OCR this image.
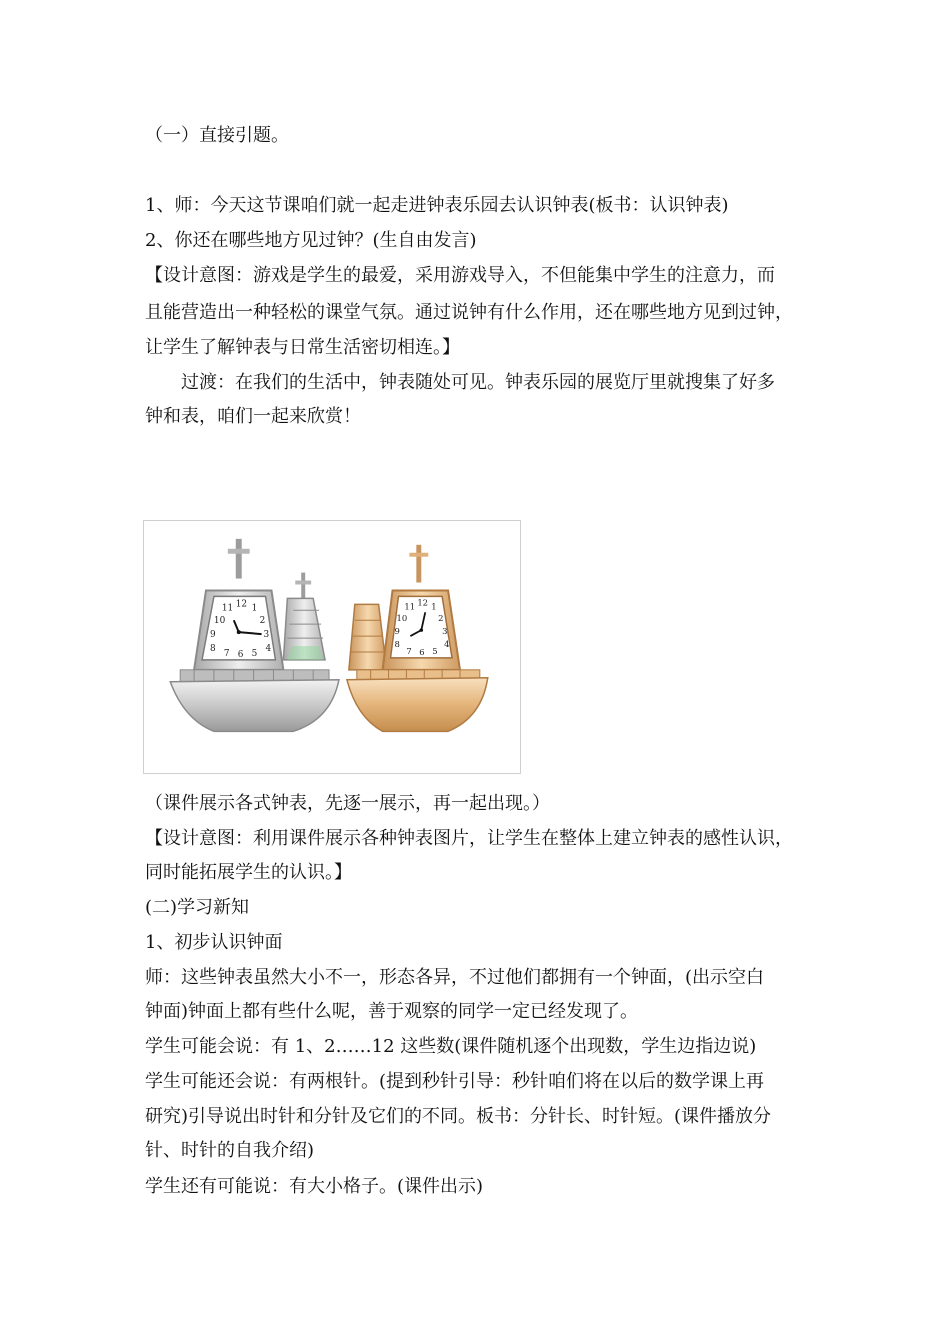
（一）直接引题。
1、师：今天这节课咱们就一起走进钟表乐园去认识钟表(板书：认识钟表)
2、你还在哪些地方见过钟？(生自由发言)
【设计意图：游戏是学生的最爱，采用游戏导入，不但能集中学生的注意力，而
且能营造出一种轻松的课堂气氛。通过说钟有什么作用，还在哪些地方见到过钟，
让学生了解钟表与日常生活密切相连。】
过渡：在我们的生活中，钟表随处可见。钟表乐园的展览厅里就搜集了好多
钟和表，咱们一起来欣赏！
11 12 1
10	2
9	3
8	4
7 6 5
11 12 1
10	2
9	3
8	4
7 6 5
（课件展示各式钟表，先逐一展示，再一起出现。）
【设计意图：利用课件展示各种钟表图片，让学生在整体上建立钟表的感性认识，
同时能拓展学生的认识。】
(二)学习新知
1、初步认识钟面
师：这些钟表虽然大小不一，形态各异，不过他们都拥有一个钟面，(出示空白
钟面)钟面上都有些什么呢，善于观察的同学一定已经发现了。
学生可能会说：有 1、2……12 这些数(课件随机逐个出现数，学生边指边说)
学生可能还会说：有两根针。(提到秒针引导：秒针咱们将在以后的数学课上再
研究)引导说出时针和分针及它们的不同。板书：分针长、时针短。(课件播放分
针、时针的自我介绍)
学生还有可能说：有大小格子。(课件出示)
